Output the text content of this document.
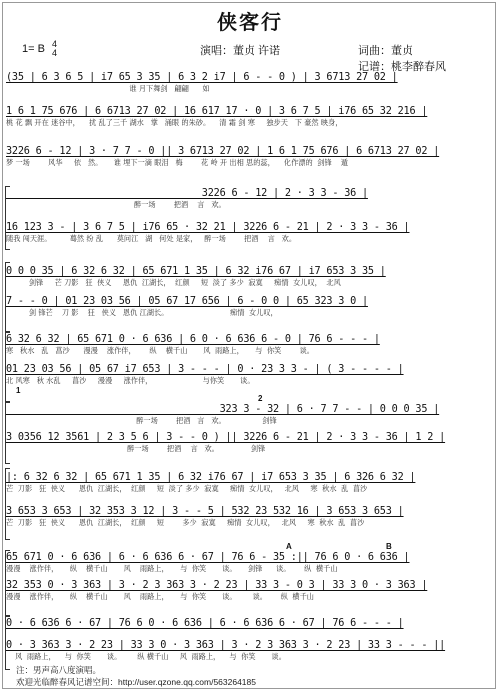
侠客行
1= B 4
4	演唱：董贞 许诺	词曲：董贞
记谱：桃李醉春风
(35 | 6 3 6 5 | i7 65 3 35 | 6 3 2 i7 | 6 - - 0 ) | 3 6713 27 02 |
谁 月下舞剑   翩翩      如
1 6 1 75 676 | 6 6713 27 02 | 16 617 17 · 0 | 3 6 7 5 | i76 65 32 216 |
桃 花 飘 开在 迷谷中，    扰 乱了三千 湖水   掌   涌眼 的朱砂。    清 霜 剑 寒     独步天   下 豪然 映身，
3226 6 - 12 | 3 · 7 7 - 0 || 3 6713 27 02 | 1 6 1 75 676 | 6 6713 27 02 |
梦 一场        风华     依   然。     谁 埋下一滴 眼泪   梅        花 岭 开 出相 思的蕊，    化作漂的  剑锋    遁
3226 6 - 12 | 2 · 3 3 - 36 |
醉一场        把酒    言   欢。
16 123 3 - | 3 6 7 5 | i76 65 · 32 21 | 3226 6 - 21 | 2 · 3 3 - 36 |
随我 闯天涯。        蓦然 纷 乱      莫问江   湖   何处 是家，   醉一场        把酒    言   欢。
0 0 0 35 | 6 32 6 32 | 65 671 1 35 | 6 32 i76 67 | i7 653 3 35 |
剑锋     芒 刀影   狂  侠义     恩仇  江湖长，  红颜     短  淡了 多少  寂寞     痴情  女儿叹，  北风
7 - - 0 | 01 23 03 56 | 05 67 17 656 | 6 - 0 0 | 65 323 3 0 |
剑 锋芒    刀 影    狂   侠义   恩仇 江湖长。                           痴情  女儿叹，
6 32 6 32 | 65 671 0 · 6 636 | 6 0 · 6 636 6 - 0 | 76 6 - - - |
寒   秋水   乱   菖沙      漫漫    涨作伴，      纵    横千山       风  雨路上，     与  你笑        谈。
01 23 03 56 | 05 67 i7 653 | 3 - - - | 0 · 23 3 3 - | ( 3 - - - - |
北 风寒   秋 水乱     菖沙     漫漫     涨作伴，                      与你笑       谈。
2
323 3 - 32 | 6 · 7 7 - - | 0 0 0 35 |
醉一场        把酒   言   欢。                剑锋
3 0356 12 3561 | 2 3 5 6 | 3 - - 0 ) || 3226 6 - 21 | 2 · 3 3 - 36 | 1 2 |
醉一场        把酒    言   欢。              剑锋
|: 6 32 6 32 | 65 671 1 35 | 6 32 i76 67 | i7 653 3 35 | 6 326 6 32 |
芒  刀影   狂  侠义      恩仇  江湖长，  红颜     短  淡了 多少  寂寞     痴情  女儿叹，   北风     寒  秋水  乱  菖沙
3 653 3 653 | 32 353 3 12 | 3 - - 5 | 532 23 532 16 | 3 653 3 653 |
芒  刀影   狂  侠义      恩仇  江湖长，  红颜     短        多少  寂寞     痴情  女儿叹，   北风     寒  秋水  乱  菖沙
A	B
65 671 0 · 6 636 | 6 · 6 636 6 · 67 | 76 6 - 35 :|| 76 6 0 · 6 636 |
漫漫    涨作伴，     纵    横千山       风    雨路上，     与  你笑       谈。     剑锋      谈。      纵  横千山
32 353 0 · 3 363 | 3 · 2 3 363 3 · 2 23 | 33 3 - 0 3 | 33 3 0 · 3 363 |
漫漫    涨作伴，     纵    横千山       风    雨路上，     与  你笑       谈。       谈。      纵  横千山
0 · 6 636 6 · 67 | 76 6 0 · 6 636 | 6 · 6 636 6 · 67 | 76 6 - - - |

0 · 3 363 3 · 2 23 | 33 3 0 · 3 363 | 3 · 2 3 363 3 · 2 23 | 33 3 - - - ||
风  雨路上，    与  你笑       谈。       纵 横千山     风  雨路上，    与  你笑       谈。
1
注：男声高八度演唱。
欢迎光临醉春风记谱空间：http://user.qzone.qq.com/563264185
